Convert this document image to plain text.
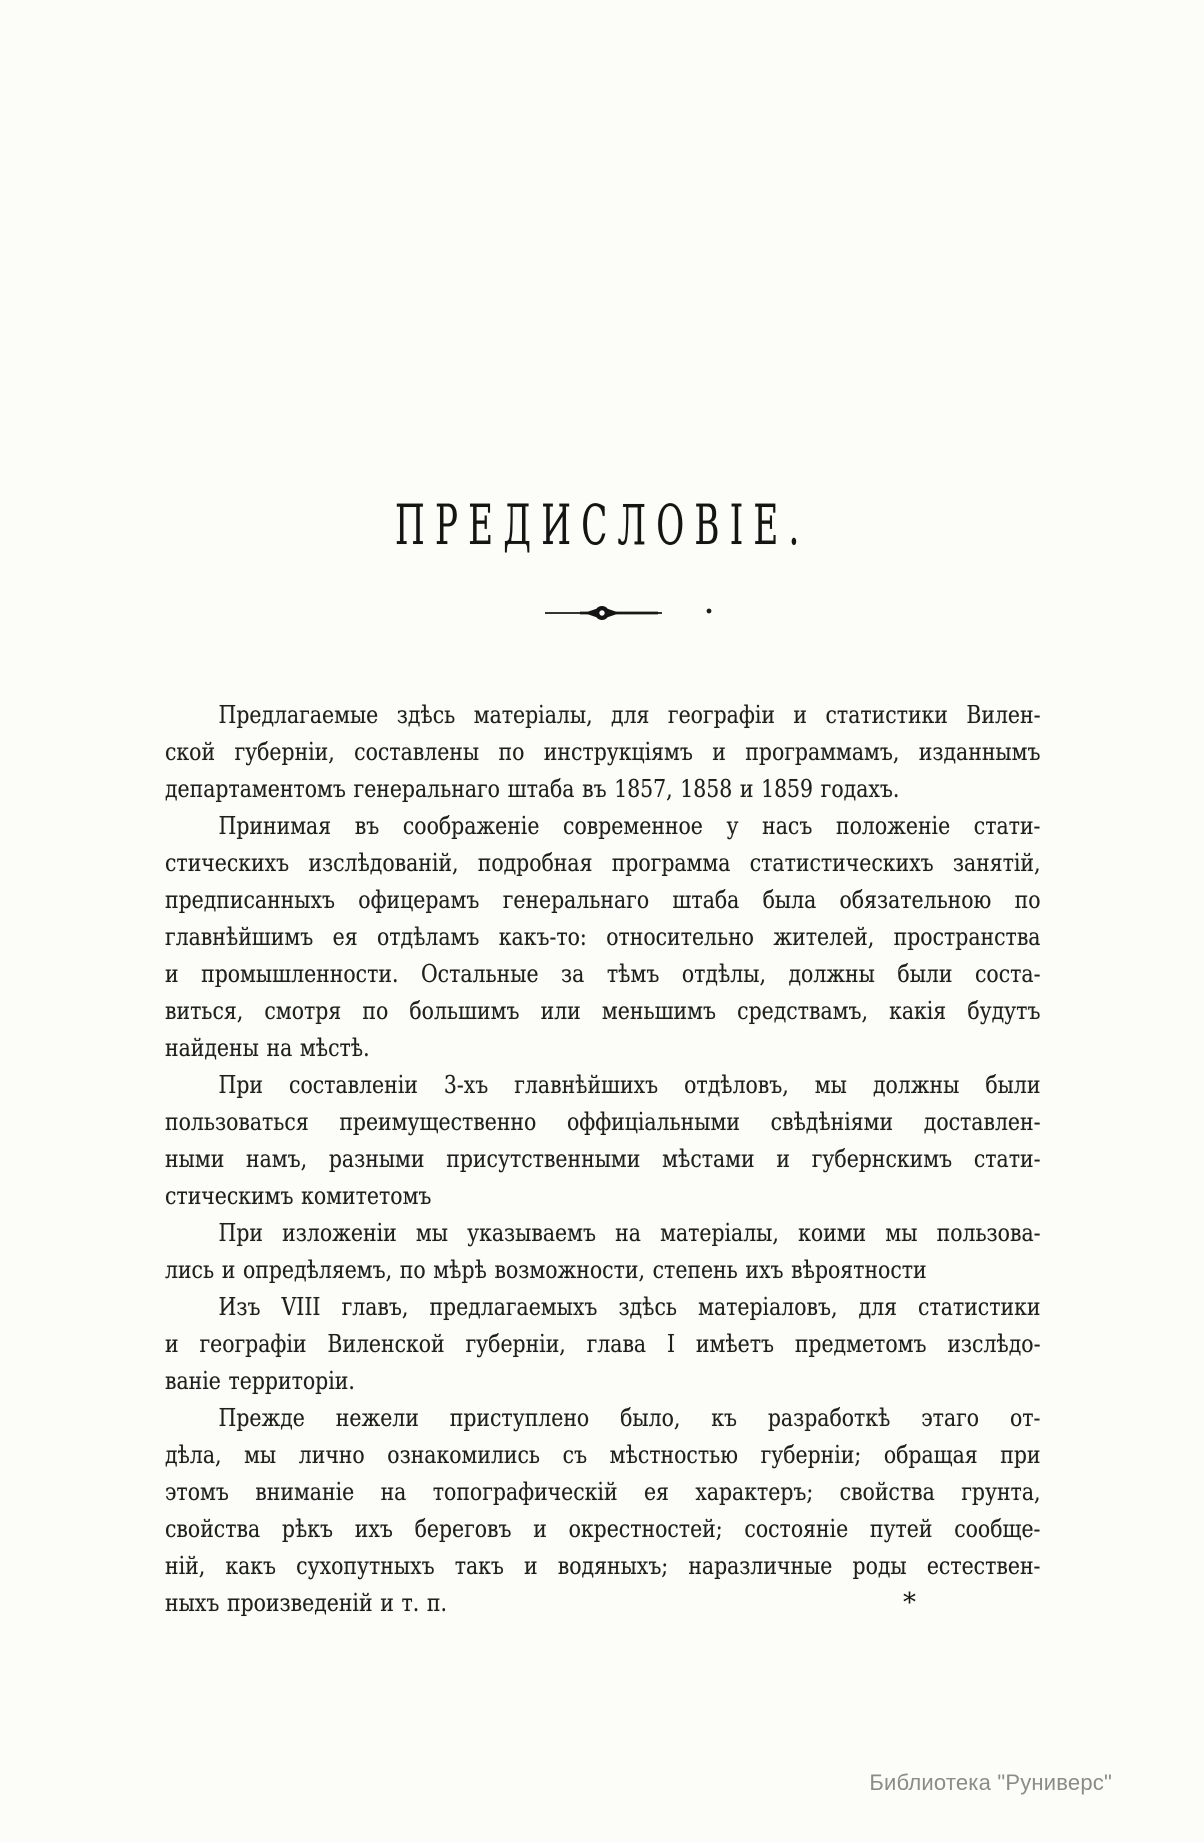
ПРЕДИСЛОВІЕ.
Предлагаемые здѣсь матеріалы, для географіи и статистики Вилен-
ской губерніи, составлены по инструкціямъ и программамъ, изданнымъ
департаментомъ генеральнаго штаба въ 1857, 1858 и 1859 годахъ.
Принимая въ соображеніе современное у насъ положеніе стати-
стическихъ изслѣдованій, подробная программа статистическихъ занятій,
предписанныхъ офицерамъ генеральнаго штаба была обязательною по
главнѣйшимъ ея отдѣламъ какъ-то: относительно жителей, пространства
и промышленности. Остальные за тѣмъ отдѣлы, должны были соста-
виться, смотря по большимъ или меньшимъ средствамъ, какія будутъ
найдены на мѣстѣ.
При составленіи 3-хъ главнѣйшихъ отдѣловъ, мы должны были
пользоваться преимущественно оффиціальными свѣдѣніями доставлен-
ными намъ, разными присутственными мѣстами и губернскимъ стати-
стическимъ комитетомъ
При изложеніи мы указываемъ на матеріалы, коими мы пользова-
лись и опредѣляемъ, по мѣрѣ возможности, степень ихъ вѣроятности
Изъ VIII главъ, предлагаемыхъ здѣсь матеріаловъ, для статистики
и географіи Виленской губерніи, глава I имѣетъ предметомъ изслѣдо-
ваніе территоріи.
Прежде нежели приступлено было, къ разработкѣ этаго от-
дѣла, мы лично ознакомились съ мѣстностью губерніи; обращая при
этомъ вниманіе на топографическій ея характеръ; свойства грунта,
свойства рѣкъ ихъ береговъ и окрестностей; состояніе путей сообще-
ній, какъ сухопутныхъ такъ и водяныхъ; наразличные роды естествен-
ныхъ произведеній и т. п.	*
Библиотека "Руниверс"
